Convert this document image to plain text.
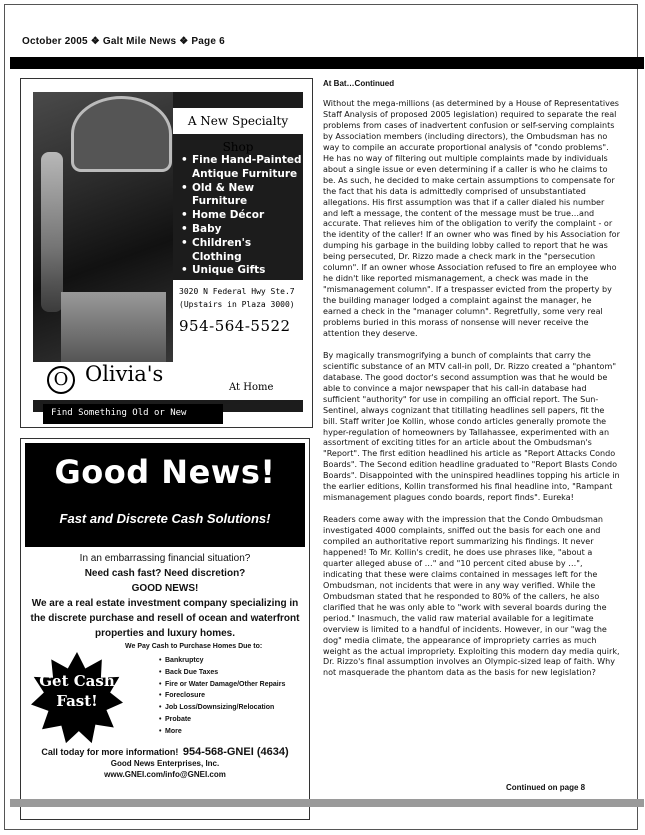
October 2005 ❖ Galt Mile News ❖ Page 6
A New Specialty Shop
• Fine Hand-Painted Antique Furniture
• Old & New Furniture
• Home Décor
• Baby
• Children's Clothing
• Unique Gifts
3020 N Federal Hwy Ste.7
(Upstairs in Plaza 3000)
954-564-5522
O Olivia's
At Home
Find Something Old or New
Good News!
Fast and Discrete Cash Solutions!
In an embarrassing financial situation?
Need cash fast? Need discretion?
GOOD NEWS!
We are a real estate investment company specializing in
the discrete purchase and resell of ocean and waterfront
properties and luxury homes.
Get Cash
Fast!
We Pay Cash to Purchase Homes Due to:
• Bankruptcy
• Back Due Taxes
• Fire or Water Damage/Other Repairs
• Foreclosure
• Job Loss/Downsizing/Relocation
• Probate
• More
Call today for more information! 954-568-GNEI (4634)
Good News Enterprises, Inc.
www.GNEI.com/info@GNEI.com
At Bat…Continued

Without the mega-millions (as determined by a House of Representatives Staff Analysis of proposed 2005 legislation) required to separate the real problems from cases of inadvertent confusion or self-serving complaints by Association members (including directors), the Ombudsman has no way to compile an accurate proportional analysis of "condo problems". He has no way of filtering out multiple complaints made by individuals about a single issue or even determining if a caller is who he claims to be. As such, he decided to make certain assumptions to compensate for the fact that his data is admittedly comprised of unsubstantiated allegations. His first assumption was that if a caller dialed his number and left a message, the content of the message must be true…and accurate. That relieves him of the obligation to verify the complaint - or the identity of the caller! If an owner who was fined by his Association for dumping his garbage in the building lobby called to report that he was being persecuted, Dr. Rizzo made a check mark in the "persecution column". If an owner whose Association refused to fire an employee who he didn't like reported mismanagement, a check was made in the "mismanagement column". If a trespasser evicted from the property by the building manager lodged a complaint against the manager, he earned a check in the "manager column". Regretfully, some very real problems buried in this morass of nonsense will never receive the attention they deserve.

By magically transmogrifying a bunch of complaints that carry the scientific substance of an MTV call-in poll, Dr. Rizzo created a "phantom" database. The good doctor's second assumption was that he would be able to convince a major newspaper that his call-in database had sufficient "authority" for use in compiling an official report. The Sun-Sentinel, always cognizant that titillating headlines sell papers, fit the bill. Staff writer Joe Kollin, whose condo articles generally promote the hyper-regulation of homeowners by Tallahassee, experimented with an assortment of exciting titles for an article about the Ombudsman's "Report". The first edition headlined his article as "Report Attacks Condo Boards". The Second edition headline graduated to "Report Blasts Condo Boards". Disappointed with the uninspired headlines topping his article in the earlier editions, Kollin transformed his final headline into, "Rampant mismanagement plagues condo boards, report finds". Eureka!

Readers come away with the impression that the Condo Ombudsman investigated 4000 complaints, sniffed out the basis for each one and compiled an authoritative report summarizing his findings. It never happened! To Mr. Kollin's credit, he does use phrases like, "about a quarter alleged abuse of …" and "10 percent cited abuse by …", indicating that these were claims contained in messages left for the Ombudsman, not incidents that were in any way verified. While the Ombudsman stated that he responded to 80% of the callers, he also clarified that he was only able to "work with several boards during the period." Inasmuch, the valid raw material available for a legitimate overview is limited to a handful of incidents. However, in our "wag the dog" media climate, the appearance of impropriety carries as much weight as the actual impropriety. Exploiting this modern day media quirk, Dr. Rizzo's final assumption involves an Olympic-sized leap of faith. Why not masquerade the phantom data as the basis for new legislation?

Continued on page 8
